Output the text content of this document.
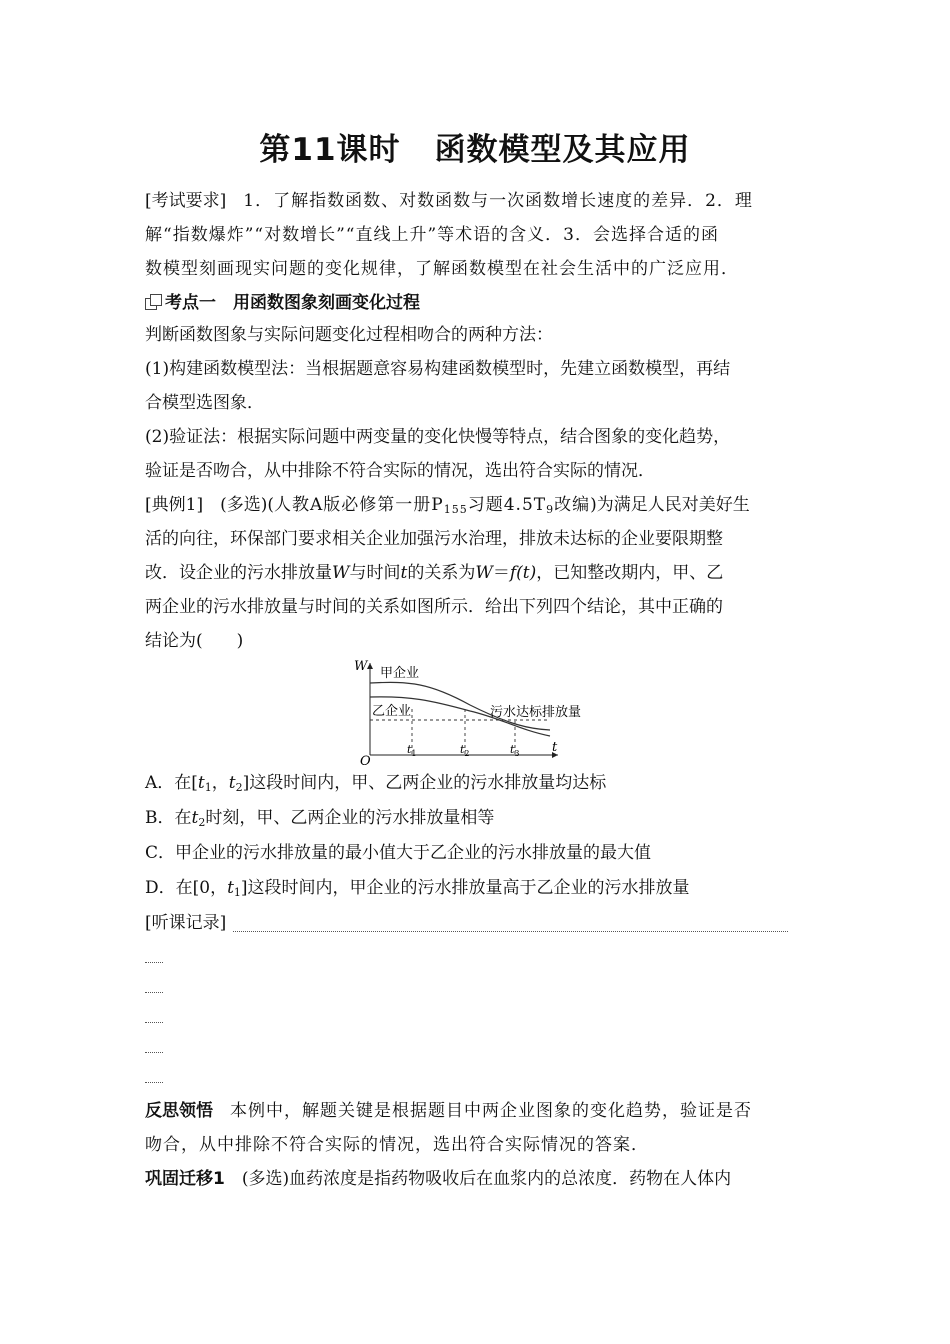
第11课时 函数模型及其应用
[考试要求]　 1．了解指数函数、对数函数与一次函数增长速度的差异．2．理
解“指数爆炸”“对数增长”“直线上升”等术语的含义．3．会选择合适的函
数模型刻画现实问题的变化规律，了解函数模型在社会生活中的广泛应用．
考点一　 用函数图象刻画变化过程
判断函数图象与实际问题变化过程相吻合的两种方法：
(1)构建函数模型法：当根据题意容易构建函数模型时，先建立函数模型，再结
合模型选图象．
(2)验证法：根据实际问题中两变量的变化快慢等特点，结合图象的变化趋势，
验证是否吻合，从中排除不符合实际的情况，选出符合实际的情况．
[典例1]　 (多选)(人教A版必修第一册$P_{155}$习题$4.5T_9$改编)为满足人民对美好生
活的向往，环保部门要求相关企业加强污水治理，排放未达标的企业要限期整
改．设企业的污水排放量W与时间t的关系为W＝f(t)，已知整改期内，甲、乙
两企业的污水排放量与时间的关系如图所示．给出下列四个结论，其中正确的
结论为(　　)
W
t
O
甲企业
乙企业	污水达标排放量
$t_1$	$t_2$	$t_3$
A．在[$t_1$，$t_2$]这段时间内，甲、乙两企业的污水排放量均达标
B．在$t_2$时刻，甲、乙两企业的污水排放量相等
C．甲企业的污水排放量的最小值大于乙企业的污水排放量的最大值
D．在[0，$t_1$]这段时间内，甲企业的污水排放量高于乙企业的污水排放量
[听课记录]
反思领悟　 本例中，解题关键是根据题目中两企业图象的变化趋势，验证是否
吻合，从中排除不符合实际的情况，选出符合实际情况的答案．
巩固迁移1　 (多选)血药浓度是指药物吸收后在血浆内的总浓度．药物在人体内
